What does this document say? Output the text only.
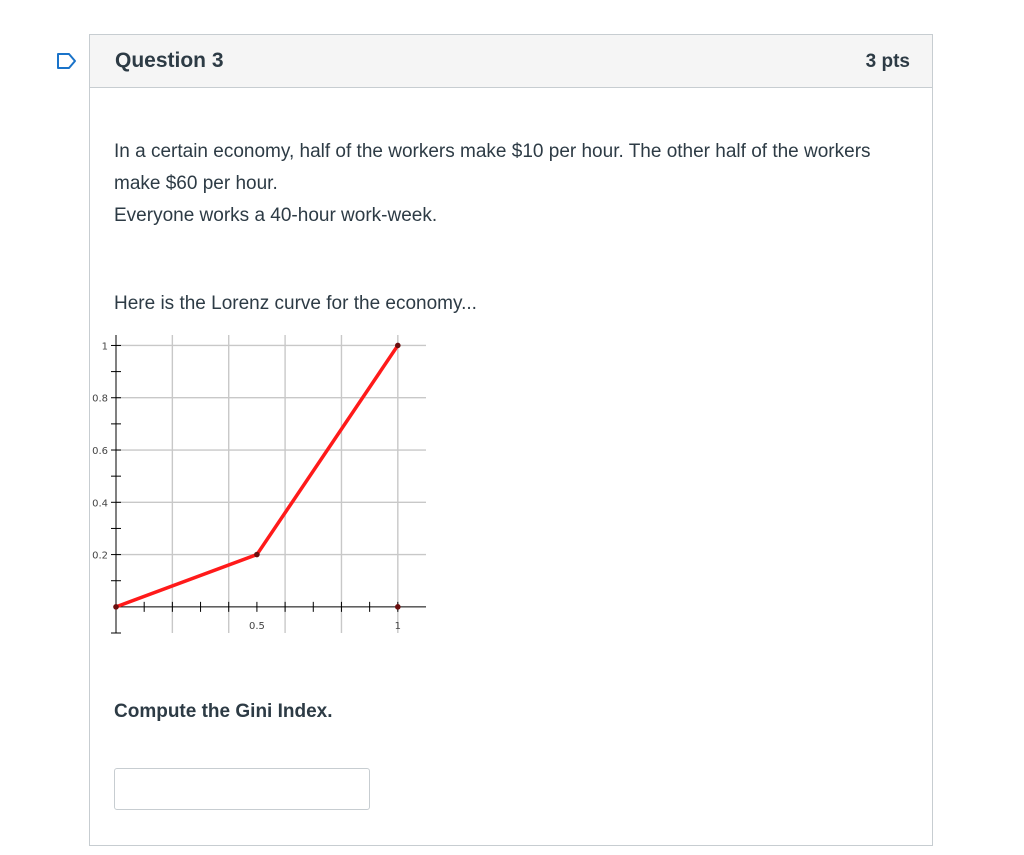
Question 3	3 pts
In a certain economy, half of the workers make $10 per hour. The other half of the workers make $60 per hour.
Everyone works a 40-hour work-week.
Here is the Lorenz curve for the economy...
0.2
0.4
0.6
0.8
1
0.5	1
Compute the Gini Index.
